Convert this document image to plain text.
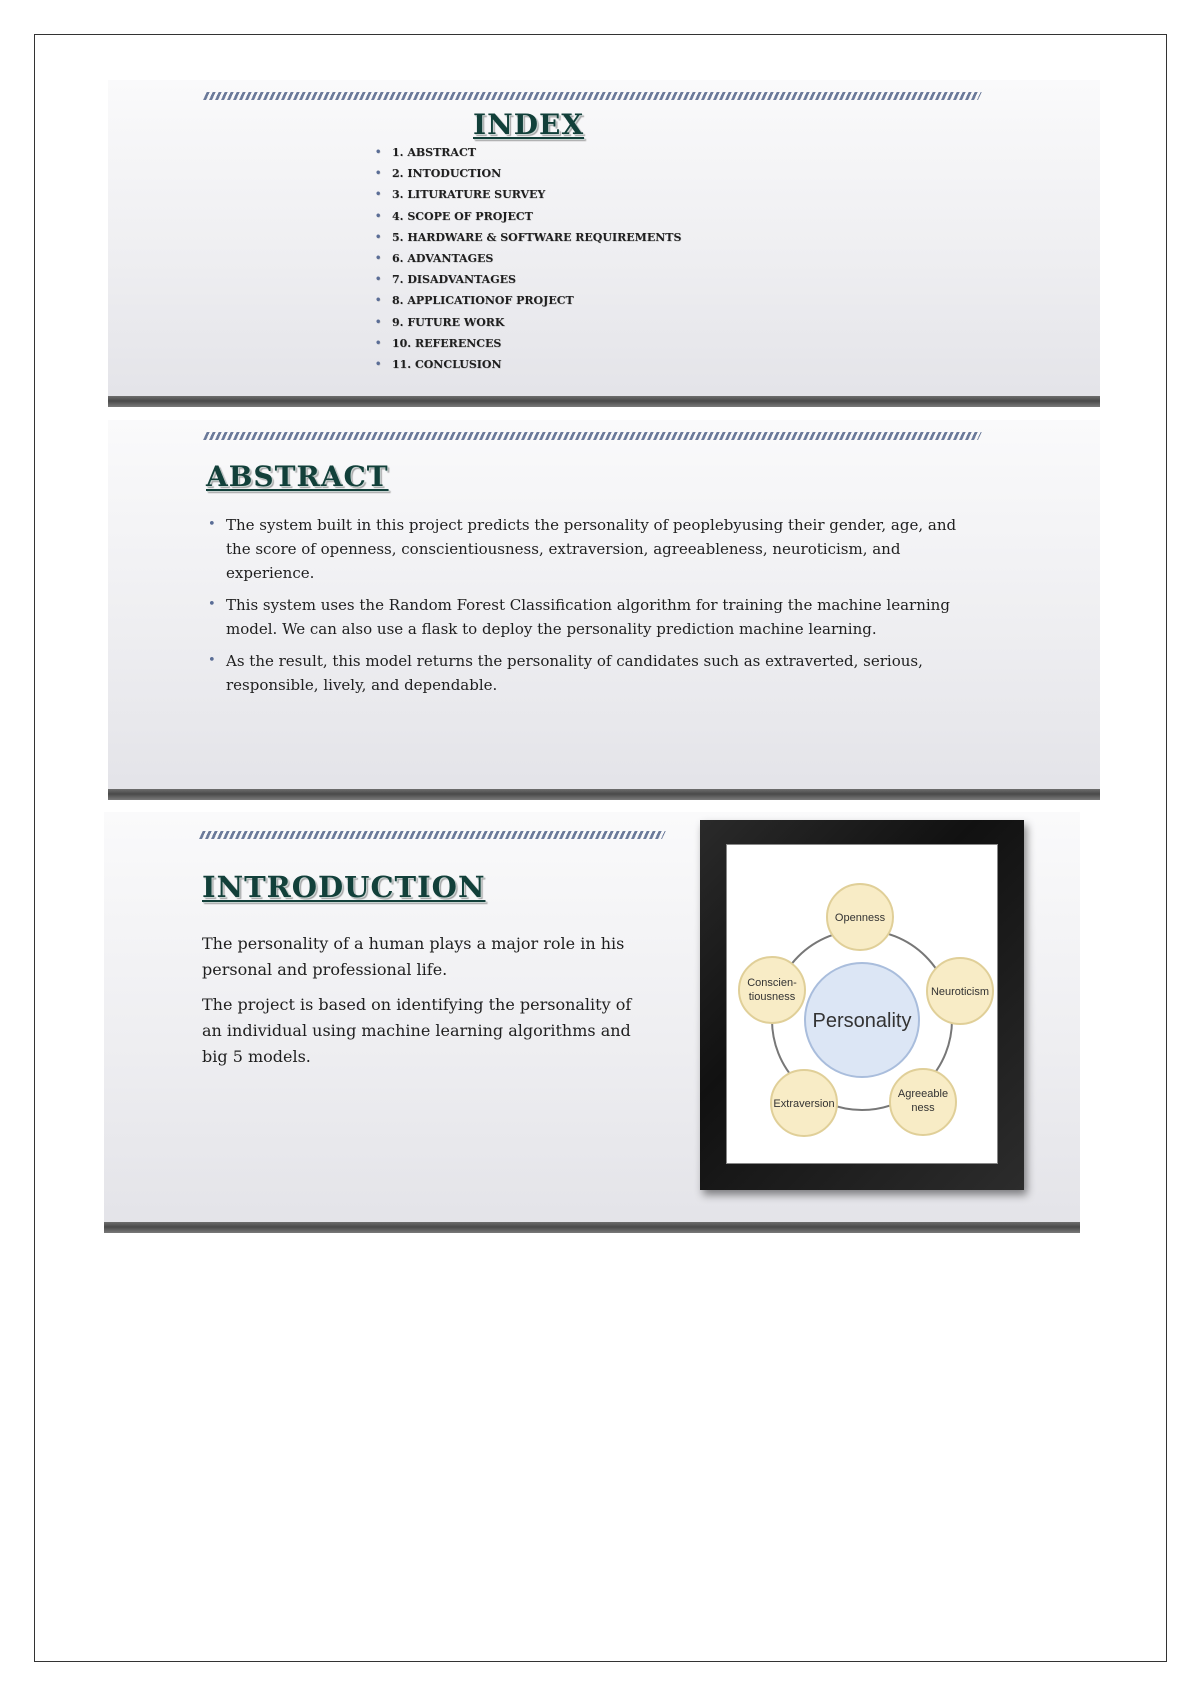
INDEX
• 1. ABSTRACT
• 2. INTODUCTION
• 3. LITURATURE SURVEY
• 4. SCOPE OF PROJECT
• 5. HARDWARE & SOFTWARE REQUIREMENTS
• 6. ADVANTAGES
• 7. DISADVANTAGES
• 8. APPLICATIONOF PROJECT
• 9. FUTURE WORK
• 10. REFERENCES
• 11. CONCLUSION
ABSTRACT
• The system built in this project predicts the personality of peoplebyusing their gender, age, and the score of openness, conscientiousness, extraversion, agreeableness, neuroticism, and experience.
• This system uses the Random Forest Classification algorithm for training the machine learning model. We can also use a flask to deploy the personality prediction machine learning.
• As the result, this model returns the personality of candidates such as extraverted, serious, responsible, lively, and dependable.
INTRODUCTION

The personality of a human plays a major role in his personal and professional life.

The project is based on identifying the personality of an individual using machine learning algorithms and big 5 models.

Personality
Openness
Neuroticism
Agreeable
ness
Extraversion
Conscien-
tiousness
